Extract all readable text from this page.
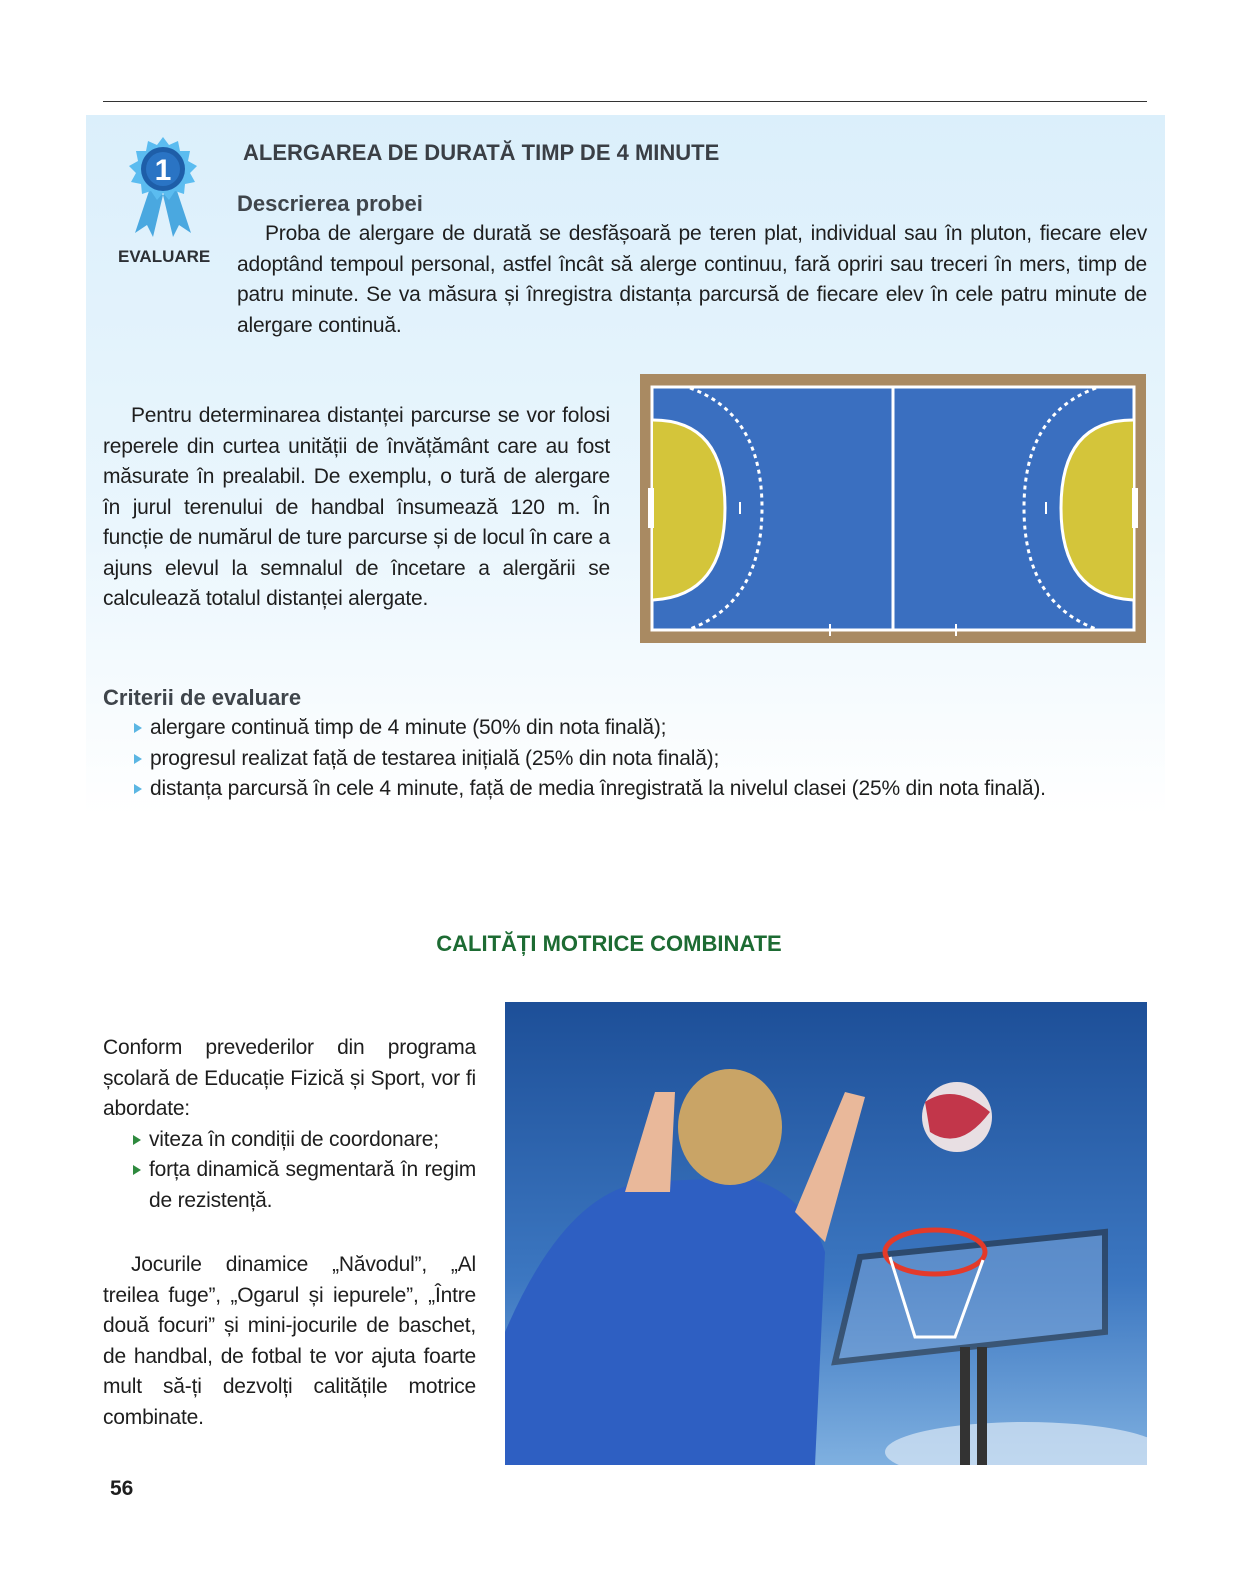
1
EVALUARE
ALERGAREA DE DURATĂ TIMP DE 4 MINUTE
Descrierea probei

Proba de alergare de durată se desfășoară pe teren plat, individual sau în pluton, fiecare elev adoptând tempoul personal, astfel încât să alerge continuu, fară opriri sau treceri în mers, timp de patru minute. Se va măsura și înregistra distanța parcursă de fiecare elev în cele patru minute de alergare continuă.

Pentru determinarea distanței parcurse se vor folosi reperele din curtea unității de învățământ care au fost măsurate în prealabil. De exemplu, o tură de alergare în jurul terenului de handbal însumează 120 m. În funcție de numărul de ture parcurse și de locul în care a ajuns elevul la semnalul de încetare a alergării se calculează totalul distanței alergate.

Criterii de evaluare
alergare continuă timp de 4 minute (50% din nota finală);
progresul realizat față de testarea inițială (25% din nota finală);
distanța parcursă în cele 4 minute, față de media înregistrată la nivelul clasei (25% din nota finală).
CALITĂȚI MOTRICE COMBINATE

Conform prevederilor din programa școlară de Educație Fizică și Sport, vor fi abordate:

viteza în condiții de coordonare;
forța dinamică segmentară în regim de rezistență.

Jocurile dinamice „Năvodul”, „Al treilea fuge”, „Ogarul și iepurele”, „Între două focuri” și mini-jocurile de baschet, de handbal, de fotbal te vor ajuta foarte mult să-ți dezvolți calitățile motrice combinate.

56
